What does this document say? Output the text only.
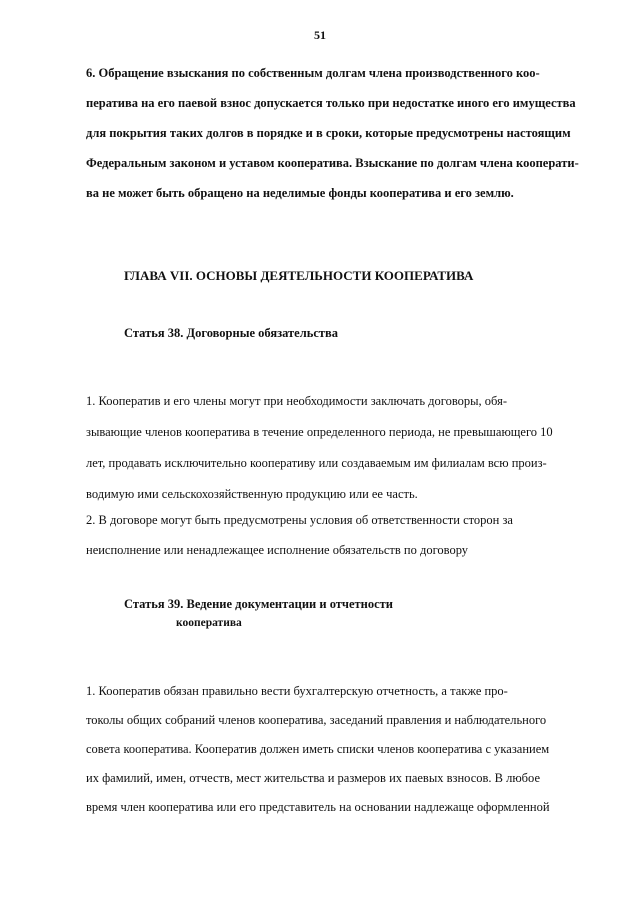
51
6. Обращение взыскания по собственным долгам члена производственного коо-
ператива на его паевой взнос допускается только при недостатке иного его имущества
для покрытия таких долгов в порядке и в сроки, которые предусмотрены настоящим
Федеральным законом и уставом кооператива. Взыскание по долгам члена кооперати-
ва не может быть обращено на неделимые фонды кооператива и его землю.
ГЛАВА VII. ОСНОВЫ ДЕЯТЕЛЬНОСТИ КООПЕРАТИВА
Статья 38. Договорные обязательства
1. Кооператив и его члены могут при необходимости заключать договоры, обя-
зывающие членов кооператива в течение определенного периода, не превышающего 10
лет, продавать исключительно кооперативу или создаваемым им филиалам всю произ-
водимую ими сельскохозяйственную продукцию или ее часть.
2. В договоре могут быть предусмотрены условия об ответственности сторон за
неисполнение или ненадлежащее исполнение обязательств по договору
Статья 39. Ведение документации и отчетности
кооператива
1. Кооператив обязан правильно вести бухгалтерскую отчетность, а также про-
токолы общих собраний членов кооператива, заседаний правления и наблюдательного
совета кооператива. Кооператив должен иметь списки членов кооператива с указанием
их фамилий, имен, отчеств, мест жительства и размеров их паевых взносов. В любое
время член кооператива или его представитель на основании надлежаще оформленной
